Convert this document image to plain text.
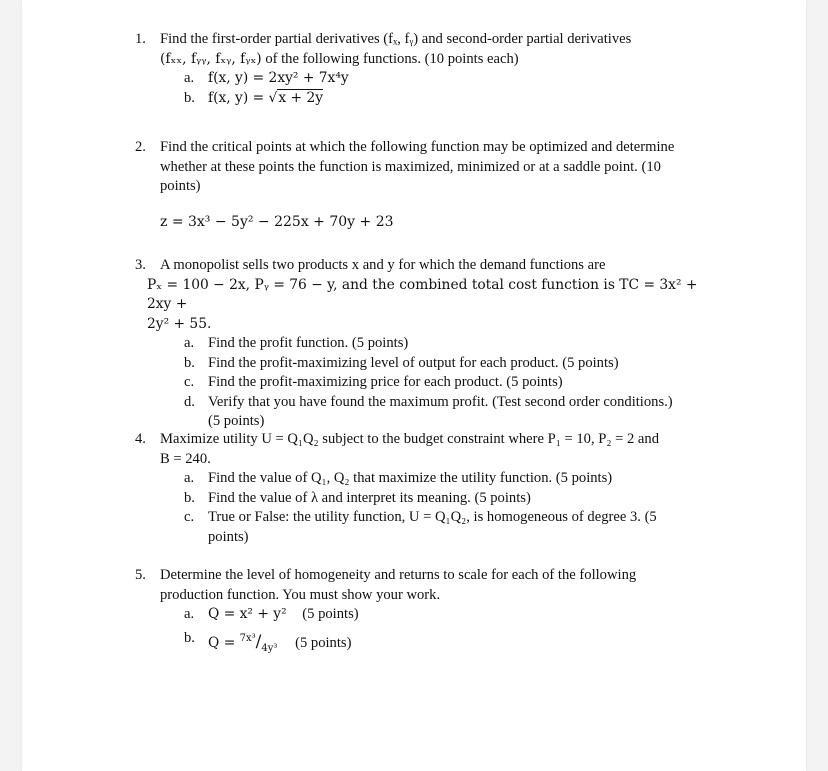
1. Find the first-order partial derivatives (fₓ, fᵧ) and second-order partial derivatives
(fₓₓ, fᵧᵧ, fₓᵧ, fᵧₓ) of the following functions. (10 points each)
a. f(x, y) = 2xy² + 7x⁴y
b. f(x, y) = √x + 2y
2. Find the critical points at which the following function may be optimized and determine
whether at these points the function is maximized, minimized or at a saddle point. (10
points)
z = 3x³ − 5y² − 225x + 70y + 23
3. A monopolist sells two products x and y for which the demand functions are
Pₓ = 100 − 2x, Pᵧ = 76 − y, and the combined total cost function is TC = 3x² + 2xy +
2y² + 55.
a. Find the profit function. (5 points)
b. Find the profit-maximizing level of output for each product. (5 points)
c. Find the profit-maximizing price for each product. (5 points)
d. Verify that you have found the maximum profit. (Test second order conditions.)
(5 points)
4. Maximize utility U = Q₁Q₂ subject to the budget constraint where P₁ = 10, P₂ = 2 and
B = 240.
a. Find the value of Q₁, Q₂ that maximize the utility function. (5 points)
b. Find the value of λ and interpret its meaning. (5 points)
c. True or False: the utility function, U = Q₁Q₂, is homogeneous of degree 3. (5
points)
5. Determine the level of homogeneity and returns to scale for each of the following
production function. You must show your work.
a. Q = x² + y² (5 points)
b. $Q = ^{7x^3}/_{4y^3}$ (5 points)
